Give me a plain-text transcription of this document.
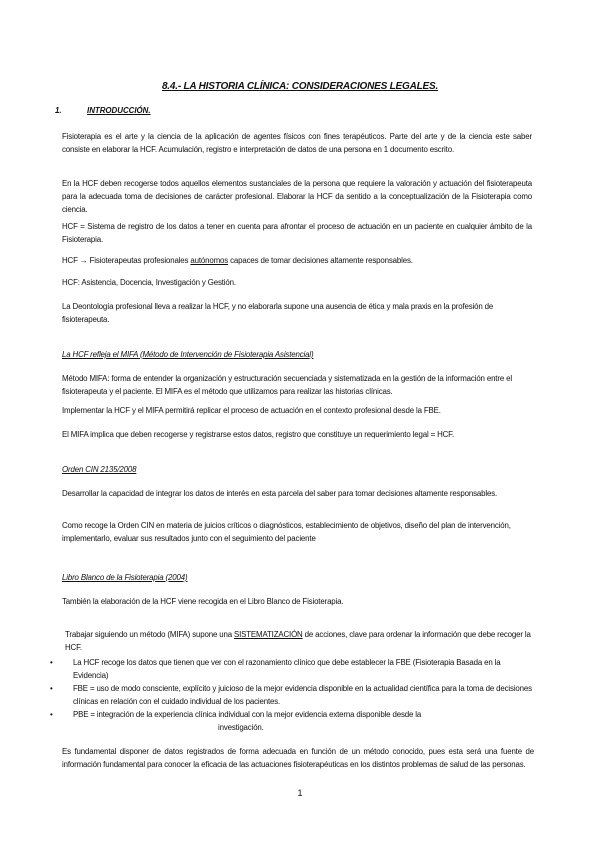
8.4.- LA HISTORIA CLÍNICA: CONSIDERACIONES LEGALES.
1.	INTRODUCCIÓN.
Fisioterapia es el arte y la ciencia de la aplicación de agentes físicos con fines terapéuticos. Parte del arte y de la ciencia este saber consiste en elaborar la HCF. Acumulación, registro e interpretación de datos de una persona en 1 documento escrito.
En la HCF deben recogerse todos aquellos elementos sustanciales de la persona que requiere la valoración y actuación del fisioterapeuta para la adecuada toma de decisiones de carácter profesional. Elaborar la HCF da sentido a la conceptualización de la Fisioterapia como ciencia.
HCF = Sistema de registro de los datos a tener en cuenta para afrontar el proceso de actuación en un paciente en cualquier ámbito de la Fisioterapia.
HCF → Fisioterapeutas profesionales autónomos capaces de tomar decisiones altamente responsables.
HCF: Asistencia, Docencia, Investigación y Gestión.
La Deontología profesional lleva a realizar la HCF, y no elaborarla supone una ausencia de ética y mala praxis en la profesión de fisioterapeuta.
La HCF refleja el MIFA (Método de Intervención de Fisioterapia Asistencial)
Método MIFA: forma de entender la organización y estructuración secuenciada y sistematizada en la gestión de la información entre el fisioterapeuta y el paciente. El MIFA es el método que utilizamos para realizar las historias clínicas.
Implementar la HCF y el MIFA permitirá replicar el proceso de actuación en el contexto profesional desde la FBE.
El MIFA implica que deben recogerse y registrarse estos datos, registro que constituye un requerimiento legal = HCF.
Orden CIN 2135/2008
Desarrollar la capacidad de integrar los datos de interés en esta parcela del saber para tomar decisiones altamente responsables.
Como recoge la Orden CIN en materia de juicios críticos o diagnósticos, establecimiento de objetivos, diseño del plan de intervención, implementarlo, evaluar sus resultados junto con el seguimiento del paciente
Libro Blanco de la Fisioterapia (2004)
También la elaboración de la HCF viene recogida en el Libro Blanco de Fisioterapia.
Trabajar siguiendo un método (MIFA) supone una SISTEMATIZACIÓN de acciones, clave para ordenar la información que debe recoger la HCF.
•	La HCF recoge los datos que tienen que ver con el razonamiento clínico que debe establecer la FBE (Fisioterapia Basada en la Evidencia)
•	FBE = uso de modo consciente, explícito y juicioso de la mejor evidencia disponible en la actualidad científica para la toma de decisiones clínicas en relación con el cuidado individual de los pacientes.
•	PBE = integración de la experiencia clínica individual con la mejor evidencia externa disponible desde la
investigación.
Es fundamental disponer de datos registrados de forma adecuada en función de un método conocido, pues esta será una fuente de información fundamental para conocer la eficacia de las actuaciones fisioterapéuticas en los distintos problemas de salud de las personas.
1
